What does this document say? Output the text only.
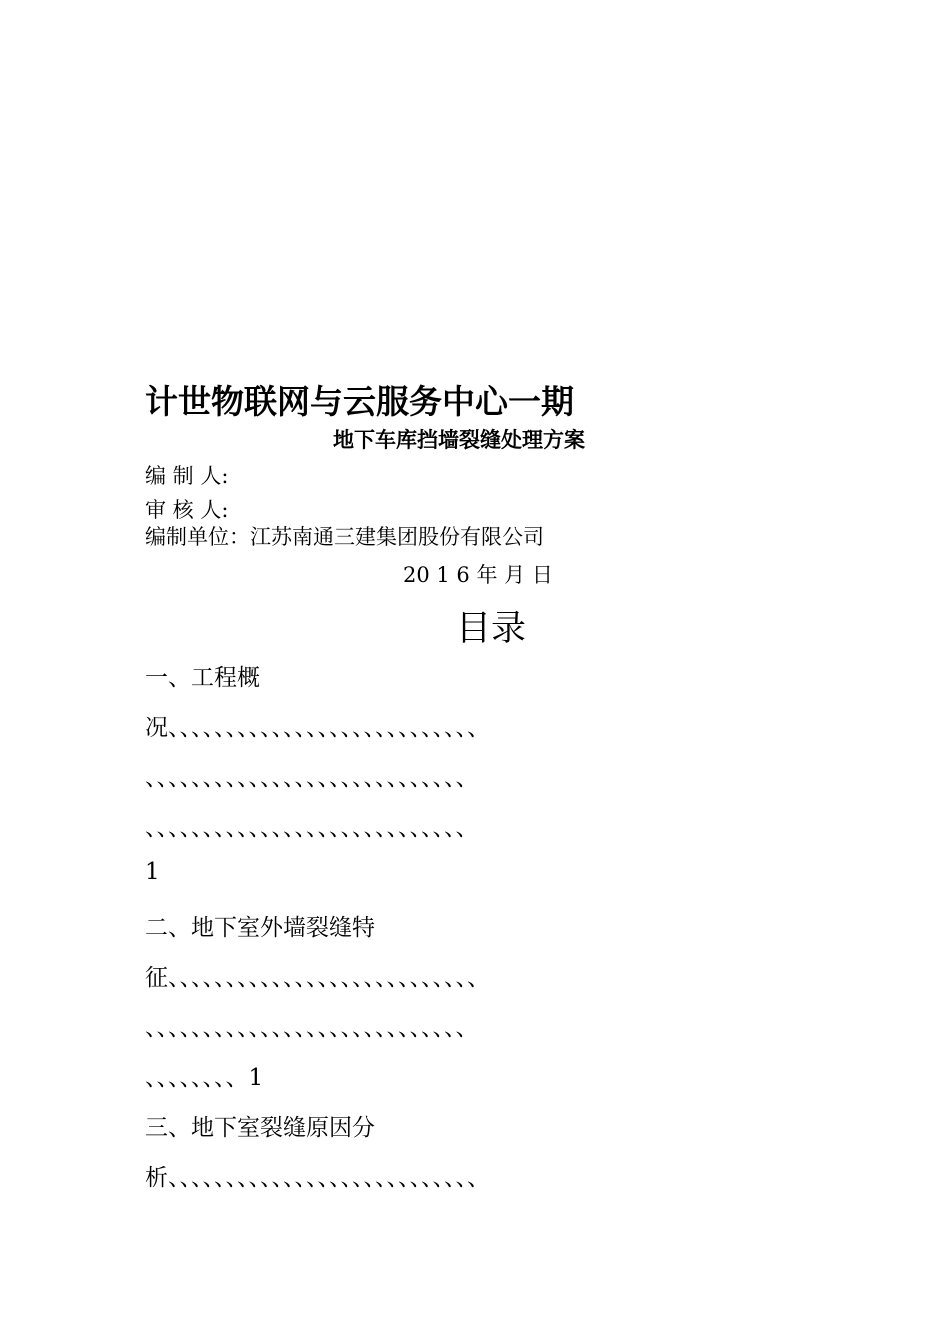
计世物联网与云服务中心一期
地下车库挡墙裂缝处理方案
编 制 人:
审 核 人:
编制单位：江苏南通三建集团股份有限公司
20 1 6 年 月 日
目录
一、工程概
况、、、、、、、、、、、、、、、、、、、、、、、、、、、
、、、、、、、、、、、、、、、、、、、、、、、、、、、、
、、、、、、、、、、、、、、、、、、、、、、、、、、、、
1
二、地下室外墙裂缝特
征、、、、、、、、、、、、、、、、、、、、、、、、、、、
、、、、、、、、、、、、、、、、、、、、、、、、、、、、
、、、、、、、、1
三、地下室裂缝原因分
析、、、、、、、、、、、、、、、、、、、、、、、、、、、
